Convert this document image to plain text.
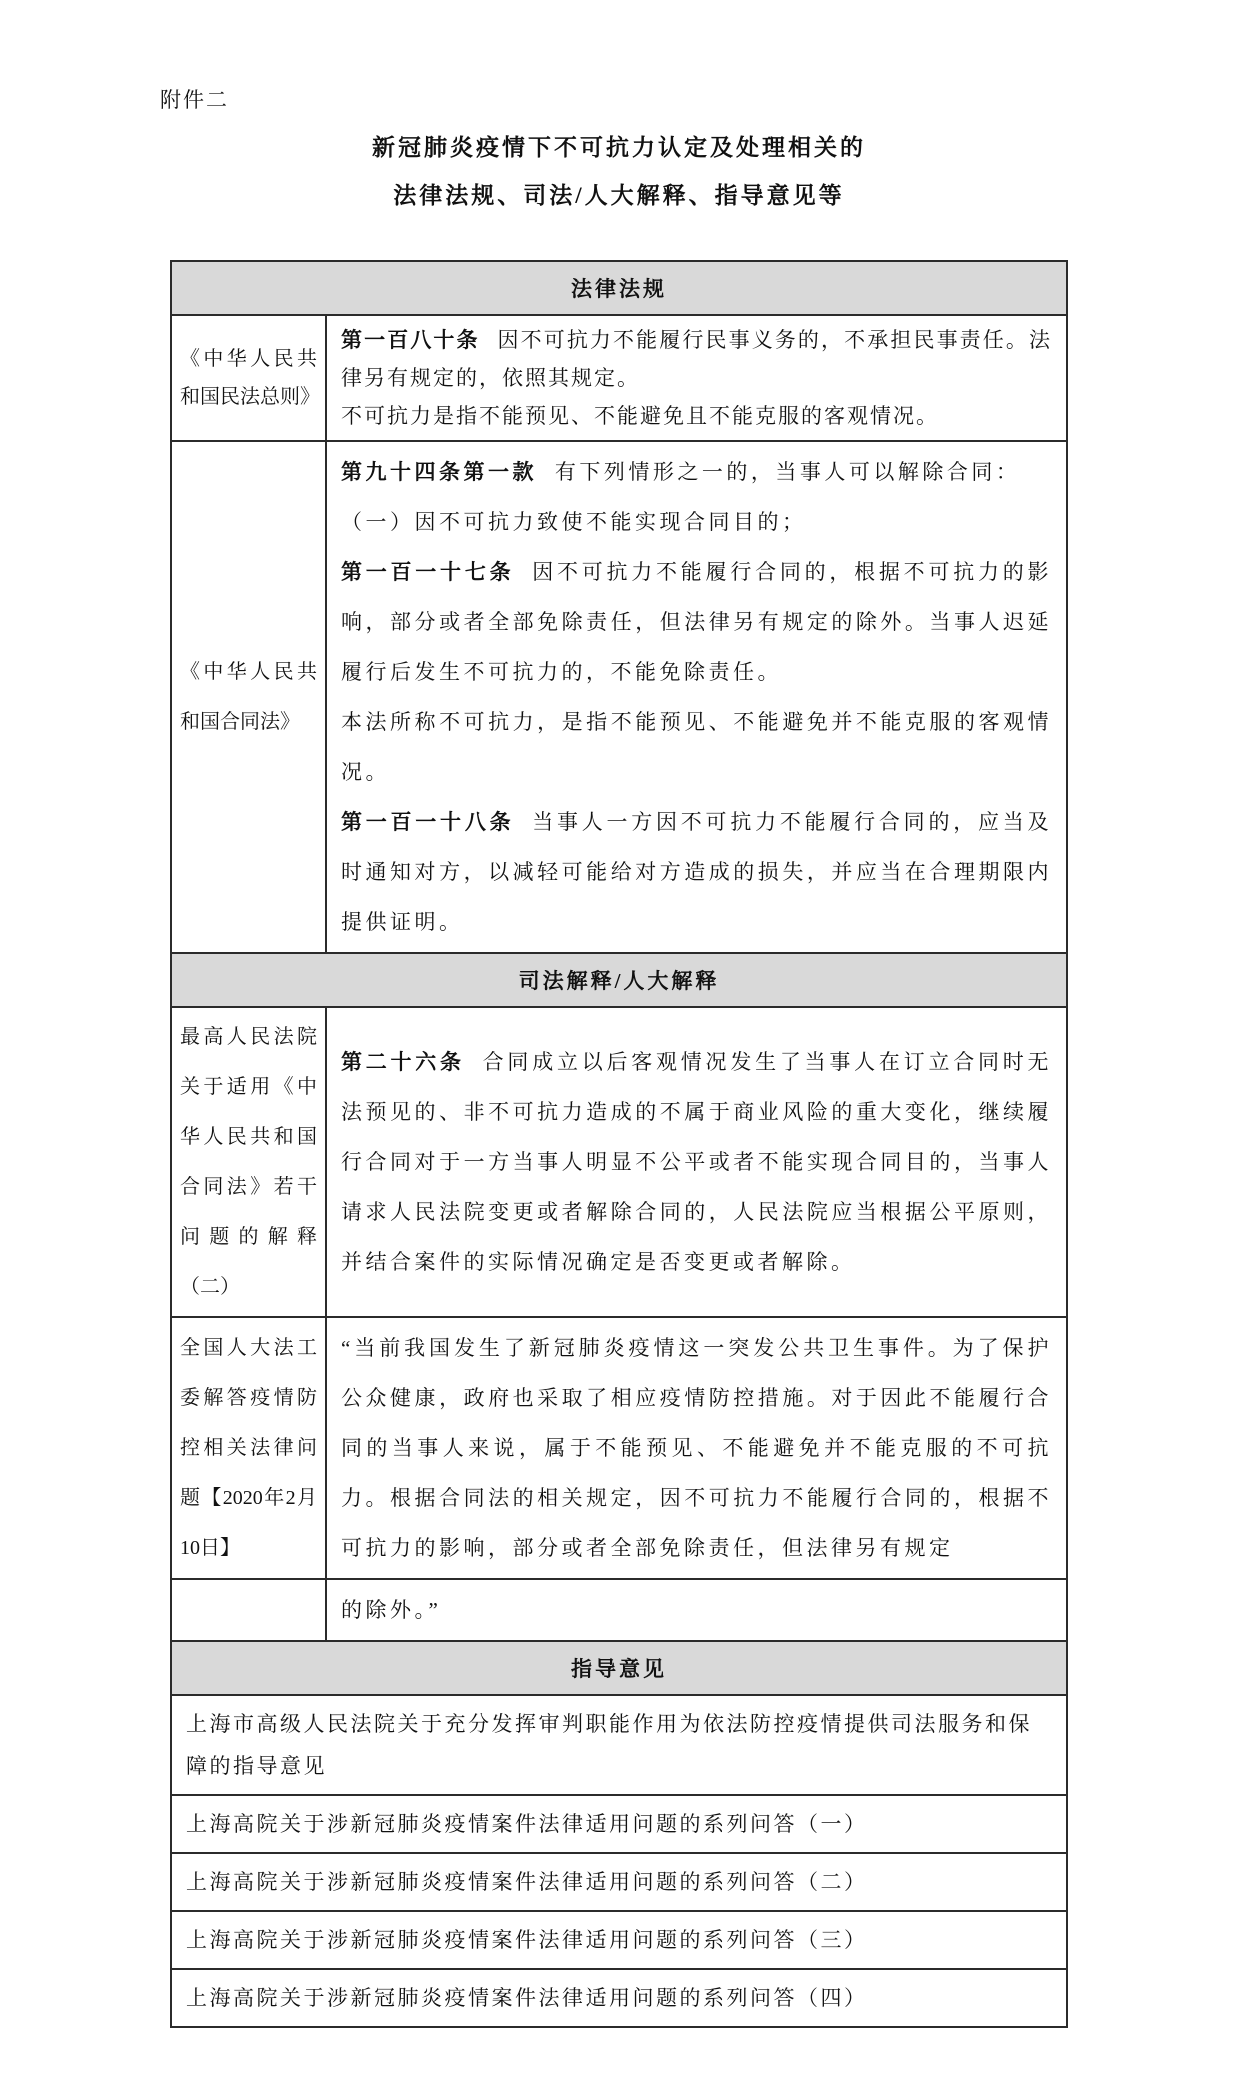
附件二
新冠肺炎疫情下不可抗力认定及处理相关的
法律法规、司法/人大解释、指导意见等
法律法规	
《中华人民共和国民法总则》	第一百八十条 因不可抗力不能履行民事义务的，不承担民事责任。法律另有规定的，依照其规定。

不可抗力是指不能预见、不能避免且不能克服的客观情况。

《中华人民共和国合同法》	第九十四条第一款 有下列情形之一的，当事人可以解除合同：

（一）因不可抗力致使不能实现合同目的；

第一百一十七条 因不可抗力不能履行合同的，根据不可抗力的影响，部分或者全部免除责任，但法律另有规定的除外。当事人迟延履行后发生不可抗力的，不能免除责任。

本法所称不可抗力，是指不能预见、不能避免并不能克服的客观情况。

第一百一十八条 当事人一方因不可抗力不能履行合同的，应当及时通知对方，以减轻可能给对方造成的损失，并应当在合理期限内提供证明。

司法解释/人大解释	
最高人民法院关于适用《中华人民共和国合同法》若干问题的解释（二）	第二十六条 合同成立以后客观情况发生了当事人在订立合同时无法预见的、非不可抗力造成的不属于商业风险的重大变化，继续履行合同对于一方当事人明显不公平或者不能实现合同目的，当事人请求人民法院变更或者解除合同的，人民法院应当根据公平原则，并结合案件的实际情况确定是否变更或者解除。

全国人大法工委解答疫情防控相关法律问题【2020年2月10日】	“当前我国发生了新冠肺炎疫情这一突发公共卫生事件。为了保护公众健康，政府也采取了相应疫情防控措施。对于因此不能履行合同的当事人来说，属于不能预见、不能避免并不能克服的不可抗力。根据合同法的相关规定，因不可抗力不能履行合同的，根据不可抗力的影响，部分或者全部免除责任，但法律另有规定

	的除外。”

指导意见	
上海市高级人民法院关于充分发挥审判职能作用为依法防控疫情提供司法服务和保障的指导意见	
上海高院关于涉新冠肺炎疫情案件法律适用问题的系列问答（一）	
上海高院关于涉新冠肺炎疫情案件法律适用问题的系列问答（二）	
上海高院关于涉新冠肺炎疫情案件法律适用问题的系列问答（三）	
上海高院关于涉新冠肺炎疫情案件法律适用问题的系列问答（四）	
